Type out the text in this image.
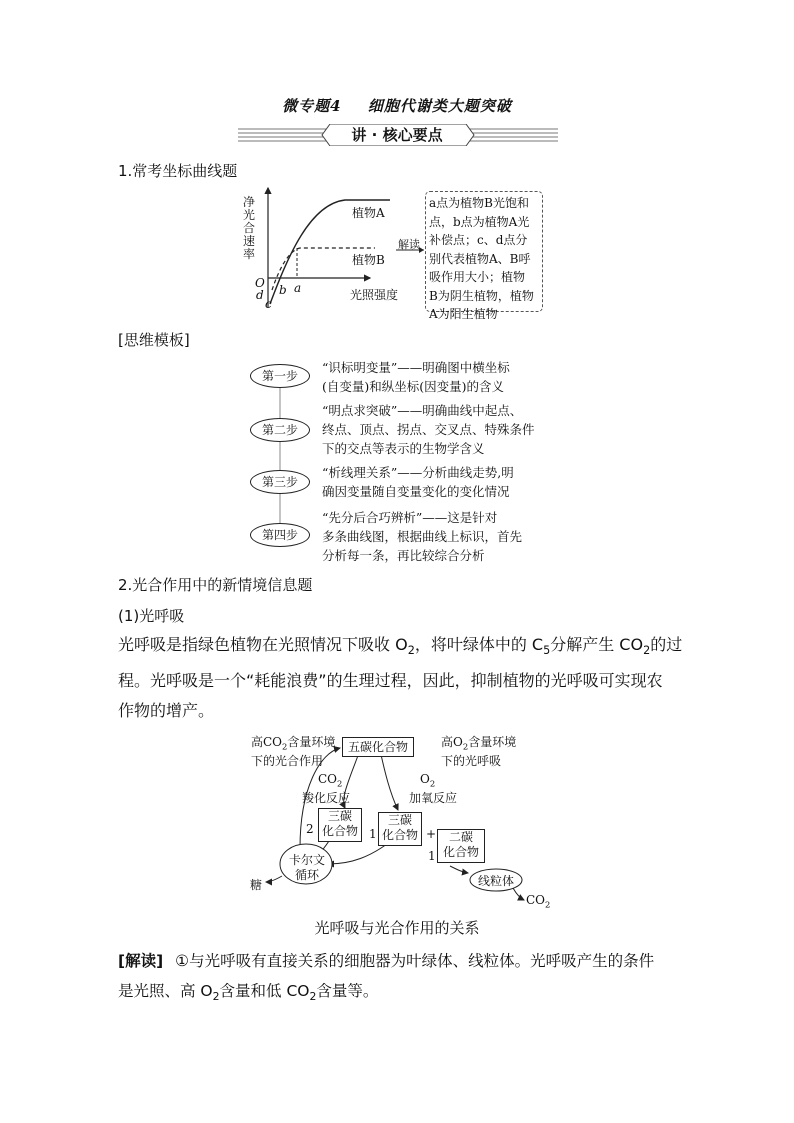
微专题4 细胞代谢类大题突破
讲 · 核心要点
1.常考坐标曲线题
净光合速率
植物A
植物B
O
d
c
b a	光照强度
解读
a点为植物B光饱和
点，b点为植物A光
补偿点；c、d点分
别代表植物A、B呼
吸作用大小；植物
B为阴生植物，植物
A为阳生植物
[思维模板]
第一步
“识标明变量”——明确图中横坐标
(自变量)和纵坐标(因变量)的含义
第二步
“明点求突破”——明确曲线中起点、
终点、顶点、拐点、交叉点、特殊条件
下的交点等表示的生物学含义
第三步
“析线理关系”——分析曲线走势,明
确因变量随自变量变化的变化情况
第四步
“先分后合巧辨析”——这是针对
多条曲线图，根据曲线上标识，首先
分析每一条，再比较综合分析
2.光合作用中的新情境信息题
(1)光呼吸
光呼吸是指绿色植物在光照情况下吸收 $O_2$，将叶绿体中的 $C_5$分解产生 $CO_2$的过
程。光呼吸是一个“耗能浪费”的生理过程，因此，抑制植物的光呼吸可实现农
作物的增产。
高$CO_2$含量环境
下的光合作用
高$O_2$含量环境
下的光呼吸
五碳化合物
$CO_2$
羧化反应
$O_2$
加氧反应
2
三碳
化合物 1
三碳
化合物 +
1
二碳
化合物
卡尔文
循环
糖	线粒体
$CO_2$
光呼吸与光合作用的关系
[解读] ①与光呼吸有直接关系的细胞器为叶绿体、线粒体。光呼吸产生的条件
是光照、高 $O_2$含量和低 $CO_2$含量等。
